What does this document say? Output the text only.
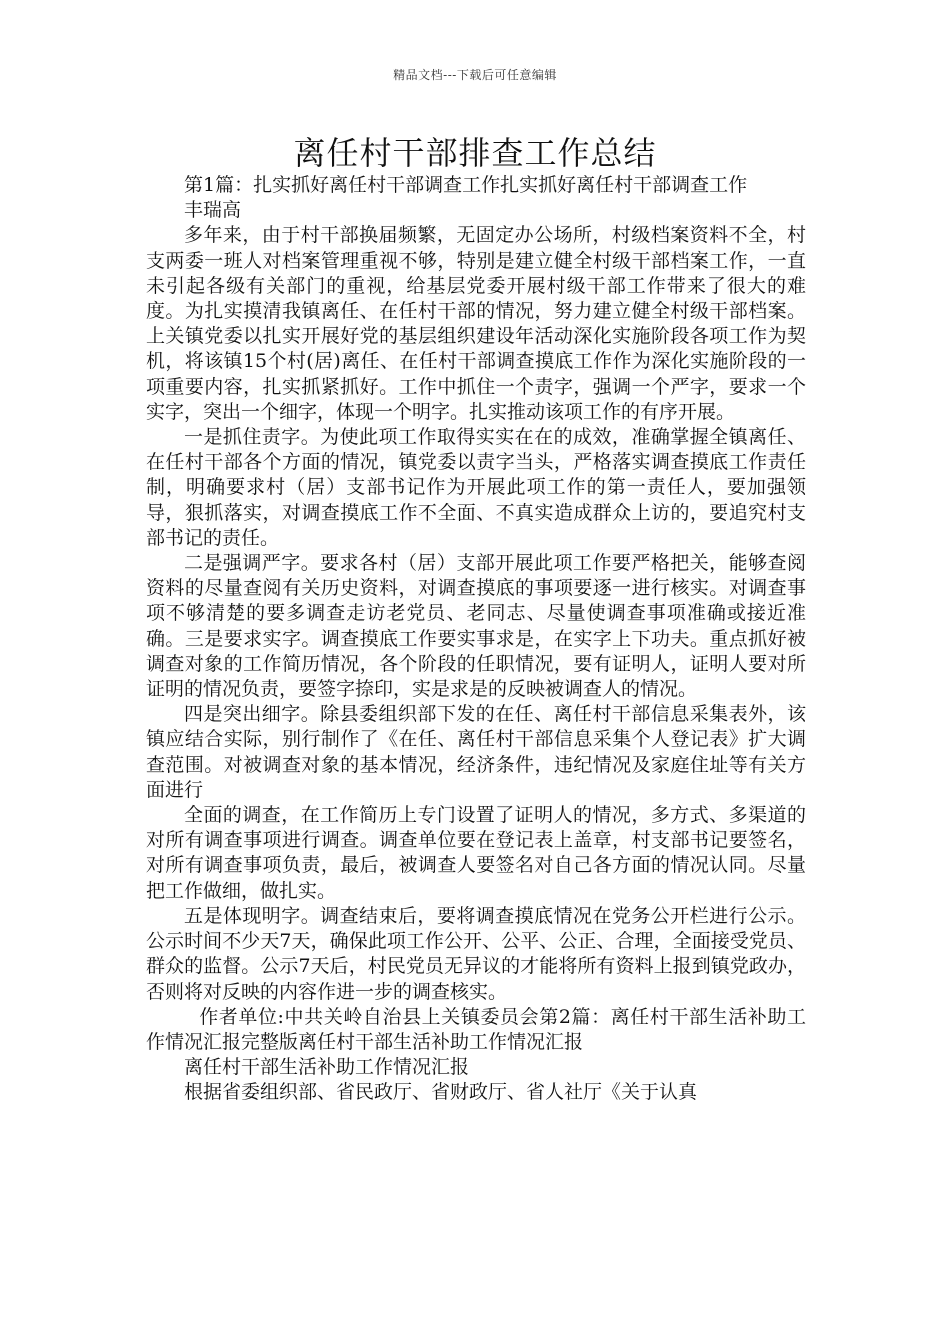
精品文档---下载后可任意编辑
离任村干部排查工作总结

第1篇：扎实抓好离任村干部调查工作扎实抓好离任村干部调查工作

丰瑞高

多年来，由于村干部换届频繁，无固定办公场所，村级档案资料不全，村支两委一班人对档案管理重视不够，特别是建立健全村级干部档案工作，一直未引起各级有关部门的重视，给基层党委开展村级干部工作带来了很大的难度。为扎实摸清我镇离任、在任村干部的情况，努力建立健全村级干部档案。上关镇党委以扎实开展好党的基层组织建设年活动深化实施阶段各项工作为契机，将该镇15个村(居)离任、在任村干部调查摸底工作作为深化实施阶段的一项重要内容，扎实抓紧抓好。工作中抓住一个责字，强调一个严字，要求一个实字，突出一个细字，体现一个明字。扎实推动该项工作的有序开展。

一是抓住责字。为使此项工作取得实实在在的成效，准确掌握全镇离任、在任村干部各个方面的情况，镇党委以责字当头，严格落实调查摸底工作责任制，明确要求村（居）支部书记作为开展此项工作的第一责任人，要加强领导，狠抓落实，对调查摸底工作不全面、不真实造成群众上访的，要追究村支部书记的责任。

二是强调严字。要求各村（居）支部开展此项工作要严格把关，能够查阅资料的尽量查阅有关历史资料，对调查摸底的事项要逐一进行核实。对调查事项不够清楚的要多调查走访老党员、老同志、尽量使调查事项准确或接近准确。三是要求实字。调查摸底工作要实事求是，在实字上下功夫。重点抓好被调查对象的工作简历情况，各个阶段的任职情况，要有证明人，证明人要对所证明的情况负责，要签字捺印，实是求是的反映被调查人的情况。

四是突出细字。除县委组织部下发的在任、离任村干部信息采集表外，该镇应结合实际，别行制作了《在任、离任村干部信息采集个人登记表》扩大调查范围。对被调查对象的基本情况，经济条件，违纪情况及家庭住址等有关方面进行

全面的调查，在工作简历上专门设置了证明人的情况，多方式、多渠道的对所有调查事项进行调查。调查单位要在登记表上盖章，村支部书记要签名，对所有调查事项负责，最后，被调查人要签名对自己各方面的情况认同。尽量把工作做细，做扎实。

五是体现明字。调查结束后，要将调查摸底情况在党务公开栏进行公示。公示时间不少天7天，确保此项工作公开、公平、公正、合理，全面接受党员、群众的监督。公示7天后，村民党员无异议的才能将所有资料上报到镇党政办，否则将对反映的内容作进一步的调查核实。

作者单位:中共关岭自治县上关镇委员会第2篇：离任村干部生活补助工作情况汇报完整版离任村干部生活补助工作情况汇报

离任村干部生活补助工作情况汇报

根据省委组织部、省民政厅、省财政厅、省人社厅《关于认真
